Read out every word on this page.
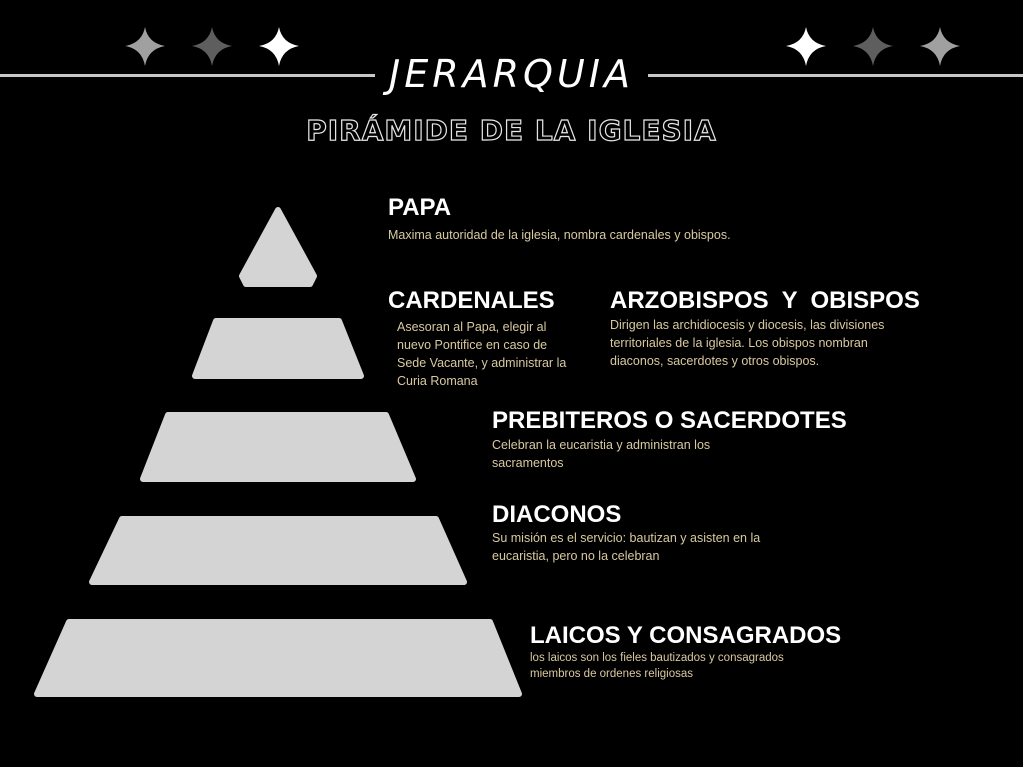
JERARQUIA
PIRÁMIDE DE LA IGLESIA
PAPA
Maxima autoridad de la iglesia, nombra cardenales y obispos.
CARDENALES
Asesoran al Papa, elegir al nuevo Pontifice en caso de Sede Vacante, y administrar la Curia Romana
ARZOBISPOS  Y  OBISPOS
Dirigen las archidiocesis y diocesis, las divisiones territoriales de la iglesia. Los obispos nombran diaconos, sacerdotes y otros obispos.
PREBITEROS O SACERDOTES
Celebran la eucaristia y administran los sacramentos
DIACONOS
Su misión es el servicio: bautizan y asisten en la eucaristia, pero no la celebran
LAICOS Y CONSAGRADOS
los laicos son los fieles bautizados y consagrados miembros de ordenes religiosas
